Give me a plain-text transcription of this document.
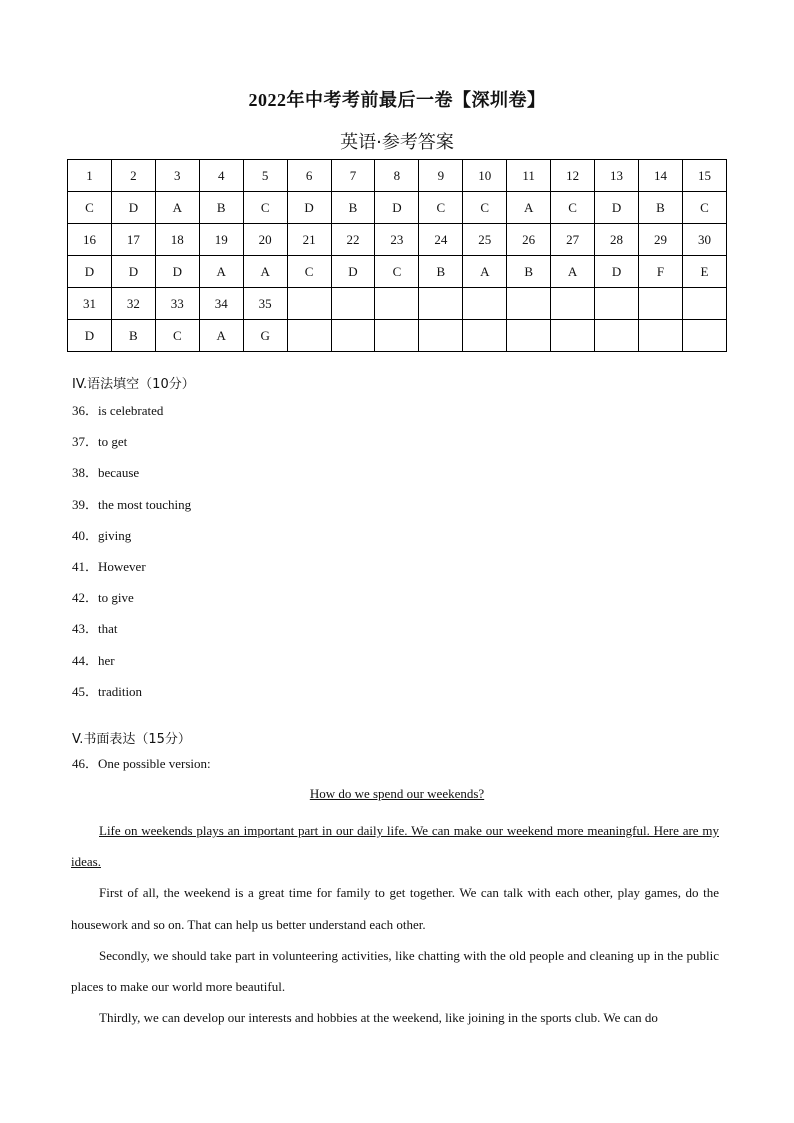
2022年中考考前最后一卷【深圳卷】
英语·参考答案
1	2	3	4	5	6	7	8	9	10	11	12	13	14	15
C	D	A	B	C	D	B	D	C	C	A	C	D	B	C
16	17	18	19	20	21	22	23	24	25	26	27	28	29	30
D	D	D	A	A	C	D	C	B	A	B	A	D	F	E
31	32	33	34	35										
D	B	C	A	G										
IV.语法填空（10分）
36．is celebrated
37．to get
38．because
39．the most touching
40．giving
41．However
42．to give
43．that
44．her
45．tradition
V.书面表达（15分）
46．One possible version:
How do we spend our weekends?

Life on weekends plays an important part in our daily life. We can make our weekend more meaningful. Here are my ideas.

First of all, the weekend is a great time for family to get together. We can talk with each other, play games, do the housework and so on. That can help us better understand each other.

Secondly, we should take part in volunteering activities, like chatting with the old people and cleaning up in the public places to make our world more beautiful.

Thirdly, we can develop our interests and hobbies at the weekend, like joining in the sports club. We can do
